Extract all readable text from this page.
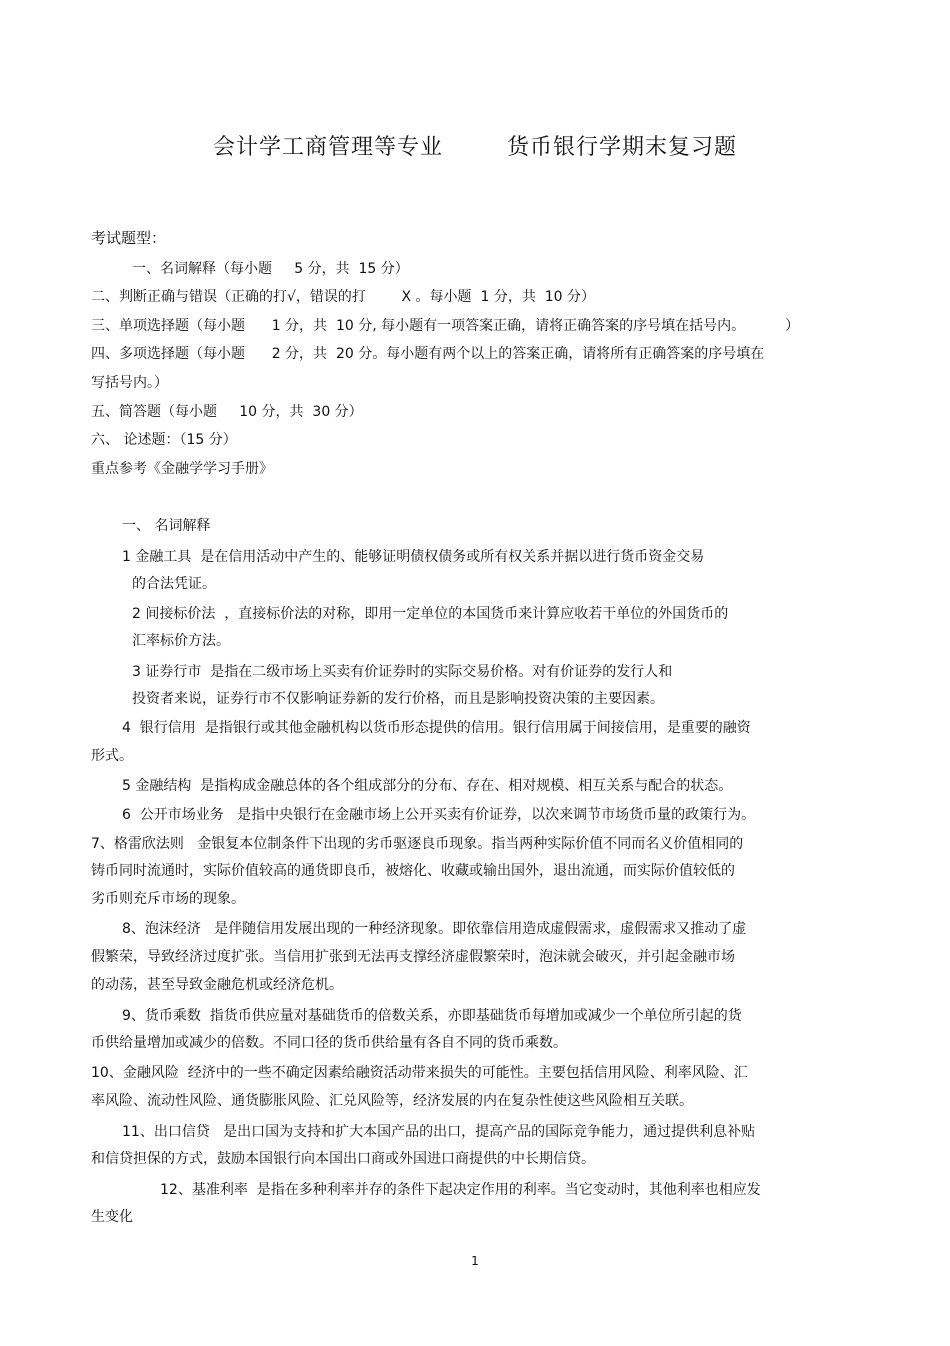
会计学工商管理等专业        货币银行学期末复习题
考试题型：
一、名词解释（每小题     5 分，共  15 分）
二、判断正确与错误（正确的打√，错误的打        X 。每小题  1 分，共  10 分）
三、单项选择题（每小题      1 分，共  10 分, 每小题有一项答案正确，请将正确答案的序号填在括号内。         ）
四、多项选择题（每小题      2 分，共  20 分。每小题有两个以上的答案正确，请将所有正确答案的序号填在
写括号内。）
五、简答题（每小题     10 分，共  30 分）
六、 论述题：（15 分）
重点参考《金融学学习手册》
一、 名词解释
1 金融工具  是在信用活动中产生的、能够证明债权债务或所有权关系并据以进行货币资金交易
的合法凭证。
2 间接标价法  ，直接标价法的对称，即用一定单位的本国货币来计算应收若干单位的外国货币的
汇率标价方法。
3 证券行市  是指在二级市场上买卖有价证券时的实际交易价格。对有价证券的发行人和
投资者来说，证券行市不仅影响证券新的发行价格，而且是影响投资决策的主要因素。
4  银行信用  是指银行或其他金融机构以货币形态提供的信用。银行信用属于间接信用，是重要的融资
形式。
5 金融结构  是指构成金融总体的各个组成部分的分布、存在、相对规模、相互关系与配合的状态。
6  公开市场业务   是指中央银行在金融市场上公开买卖有价证券，以次来调节市场货币量的政策行为。
7、格雷欣法则   金银复本位制条件下出现的劣币驱逐良币现象。指当两种实际价值不同而名义价值相同的
铸币同时流通时，实际价值较高的通货即良币，被熔化、收藏或输出国外，退出流通，而实际价值较低的
劣币则充斥市场的现象。
8、泡沫经济   是伴随信用发展出现的一种经济现象。即依靠信用造成虚假需求，虚假需求又推动了虚
假繁荣，导致经济过度扩张。当信用扩张到无法再支撑经济虚假繁荣时，泡沫就会破灭，并引起金融市场
的动荡，甚至导致金融危机或经济危机。
9、货币乘数  指货币供应量对基础货币的倍数关系，亦即基础货币每增加或减少一个单位所引起的货
币供给量增加或减少的倍数。不同口径的货币供给量有各自不同的货币乘数。
10、金融风险  经济中的一些不确定因素给融资活动带来损失的可能性。主要包括信用风险、利率风险、汇
率风险、流动性风险、通货膨胀风险、汇兑风险等，经济发展的内在复杂性使这些风险相互关联。
11、出口信贷   是出口国为支持和扩大本国产品的出口，提高产品的国际竞争能力，通过提供利息补贴
和信贷担保的方式，鼓励本国银行向本国出口商或外国进口商提供的中长期信贷。
12、基准利率  是指在多种利率并存的条件下起决定作用的利率。当它变动时，其他利率也相应发
生变化
1
